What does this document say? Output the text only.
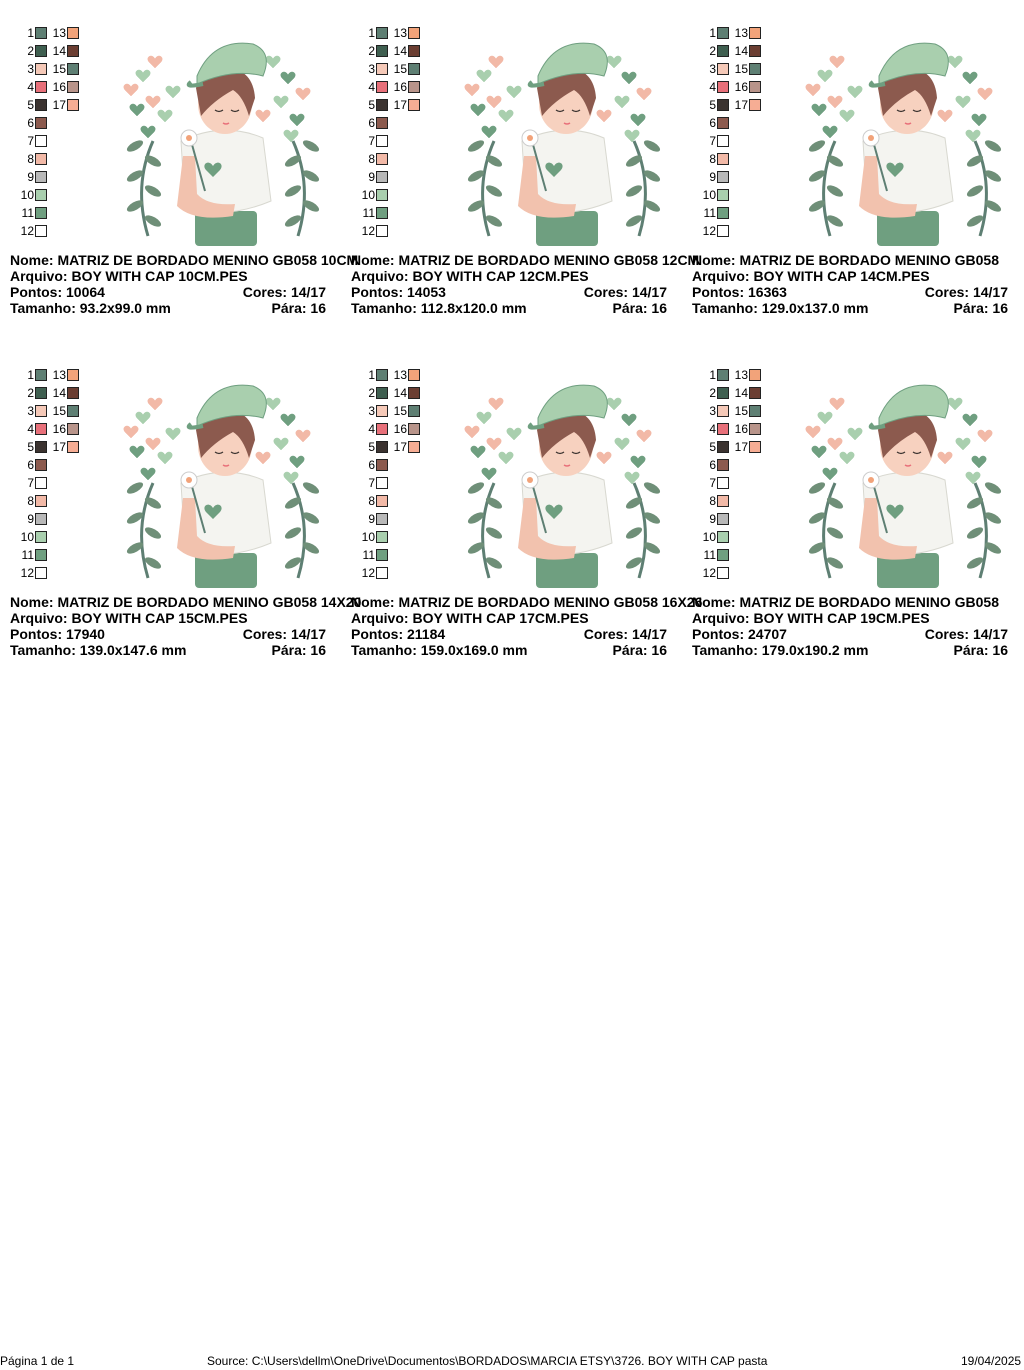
1
2
3
4
5
6
7
8
9
10
11
12
13
14
15
16
17
Nome: MATRIZ DE BORDADO MENINO GB058 10CM
Arquivo: BOY WITH CAP 10CM.PES
Pontos: 10064	Cores: 14/17
Tamanho: 93.2x99.0 mm	Pára: 16
1
2
3
4
5
6
7
8
9
10
11
12
13
14
15
16
17
Nome: MATRIZ DE BORDADO MENINO GB058 12CM
Arquivo: BOY WITH CAP 12CM.PES
Pontos: 14053	Cores: 14/17
Tamanho: 112.8x120.0 mm	Pára: 16
1
2
3
4
5
6
7
8
9
10
11
12
13
14
15
16
17
Nome: MATRIZ DE BORDADO MENINO GB058
Arquivo: BOY WITH CAP 14CM.PES
Pontos: 16363	Cores: 14/17
Tamanho: 129.0x137.0 mm	Pára: 16
1
2
3
4
5
6
7
8
9
10
11
12
13
14
15
16
17
Nome: MATRIZ DE BORDADO MENINO GB058 14X20
Arquivo: BOY WITH CAP 15CM.PES
Pontos: 17940	Cores: 14/17
Tamanho: 139.0x147.6 mm	Pára: 16
1
2
3
4
5
6
7
8
9
10
11
12
13
14
15
16
17
Nome: MATRIZ DE BORDADO MENINO GB058 16X26
Arquivo: BOY WITH CAP 17CM.PES
Pontos: 21184	Cores: 14/17
Tamanho: 159.0x169.0 mm	Pára: 16
1
2
3
4
5
6
7
8
9
10
11
12
13
14
15
16
17
Nome: MATRIZ DE BORDADO MENINO GB058
Arquivo: BOY WITH CAP 19CM.PES
Pontos: 24707	Cores: 14/17
Tamanho: 179.0x190.2 mm	Pára: 16
Página 1 de 1	Source: C:\Users\dellm\OneDrive\Documentos\BORDADOS\MARCIA ETSY\3726. BOY WITH CAP pasta	19/04/2025
